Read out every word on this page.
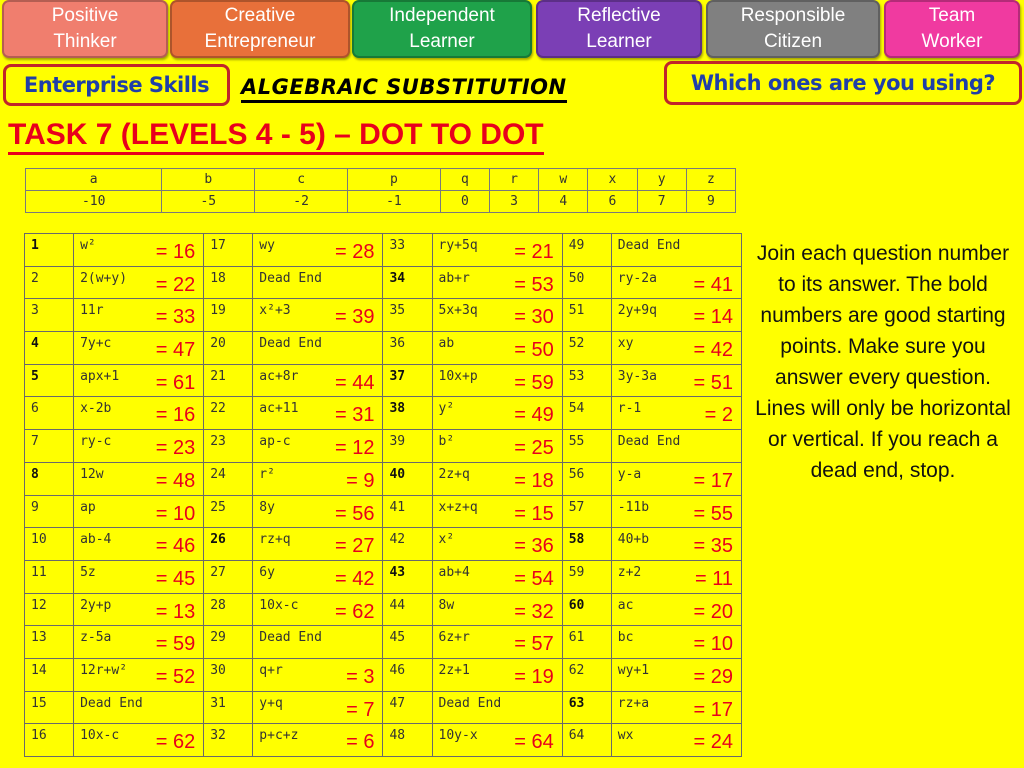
Positive
Thinker
Creative
Entrepreneur
Independent
Learner
Reflective
Learner
Responsible
Citizen
Team
Worker
Enterprise Skills ALGEBRAIC SUBSTITUTION	Which ones are you using?
TASK 7 (LEVELS 4 - 5) – DOT TO DOT
a	b	c	p	q	r	w	x	y	z
-10	-5	-2	-1	0	3	4	6	7	9
1	w² = 16	17	wy = 28	33	ry+5q = 21	49	Dead End
2	2(w+y) = 22	18	Dead End	34	ab+r = 53	50	ry-2a = 41

3	11r = 33	19	x²+3 = 39	35	5x+3q = 30	51	2y+9q = 14

4	7y+c = 47	20	Dead End	36	ab = 50	52	xy = 42

5	apx+1 = 61	21	ac+8r = 44	37	10x+p = 59	53	3y-3a = 51

6	x-2b = 16	22	ac+11 = 31	38	y² = 49	54	r-1 = 2

7	ry-c = 23	23	ap-c = 12	39	b² = 25	55	Dead End
8	12w = 48	24	r² = 9	40	2z+q = 18	56	y-a = 17

9	ap = 10	25	8y = 56	41	x+z+q = 15	57	-11b = 55

10	ab-4 = 46	26	rz+q = 27	42	x² = 36	58	40+b = 35

11	5z = 45	27	6y = 42	43	ab+4 = 54	59	z+2 = 11

12	2y+p = 13	28	10x-c = 62	44	8w = 32	60	ac = 20

13	z-5a = 59	29	Dead End	45	6z+r = 57	61	bc = 10

14	12r+w² = 52	30	q+r = 3	46	2z+1 = 19	62	wy+1 = 29

15	Dead End	31	y+q = 7	47	Dead End	63	rz+a = 17

16	10x-c = 62	32	p+c+z = 6	48	10y-x = 64	64	wx = 24
Join each question number to its answer. The bold numbers are good starting points. Make sure you answer every question. Lines will only be horizontal or vertical. If you reach a dead end, stop.
